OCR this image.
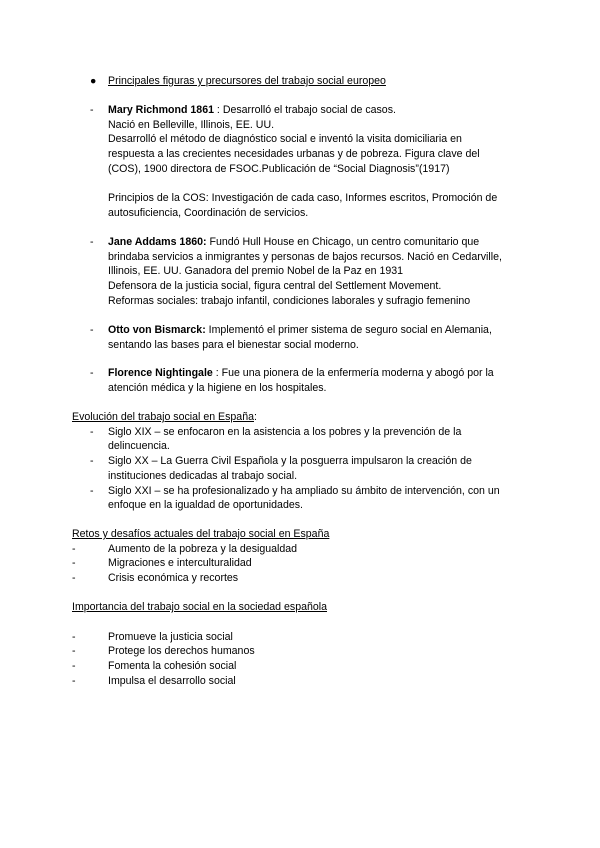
● Principales figuras y precursores del trabajo social europeo
- Mary Richmond 1861 : Desarrolló el trabajo social de casos.
Nació en Belleville, Illinois, EE. UU.
Desarrolló el método de diagnóstico social e inventó la visita domiciliaria en
respuesta a las crecientes necesidades urbanas y de pobreza. Figura clave del
(COS), 1900 directora de FSOC.Publicación de “Social Diagnosis”(1917)
Principios de la COS: Investigación de cada caso, Informes escritos, Promoción de
autosuficiencia, Coordinación de servicios.
- Jane Addams 1860: Fundó Hull House en Chicago, un centro comunitario que
brindaba servicios a inmigrantes y personas de bajos recursos. Nació en Cedarville,
Illinois, EE. UU. Ganadora del premio Nobel de la Paz en 1931
Defensora de la justicia social, figura central del Settlement Movement.
Reformas sociales: trabajo infantil, condiciones laborales y sufragio femenino
- Otto von Bismarck: Implementó el primer sistema de seguro social en Alemania,
sentando las bases para el bienestar social moderno.
- Florence Nightingale : Fue una pionera de la enfermería moderna y abogó por la
atención médica y la higiene en los hospitales.
Evolución del trabajo social en España:
- Siglo XIX – se enfocaron en la asistencia a los pobres y la prevención de la
delincuencia.
- Siglo XX – La Guerra Civil Española y la posguerra impulsaron la creación de
instituciones dedicadas al trabajo social.
- Siglo XXI – se ha profesionalizado y ha ampliado su ámbito de intervención, con un
enfoque en la igualdad de oportunidades.
Retos y desafíos actuales del trabajo social en España
-	Aumento de la pobreza y la desigualdad
-	Migraciones e interculturalidad
-	Crisis económica y recortes
Importancia del trabajo social en la sociedad española
-	Promueve la justicia social
-	Protege los derechos humanos
-	Fomenta la cohesión social
-	Impulsa el desarrollo social
